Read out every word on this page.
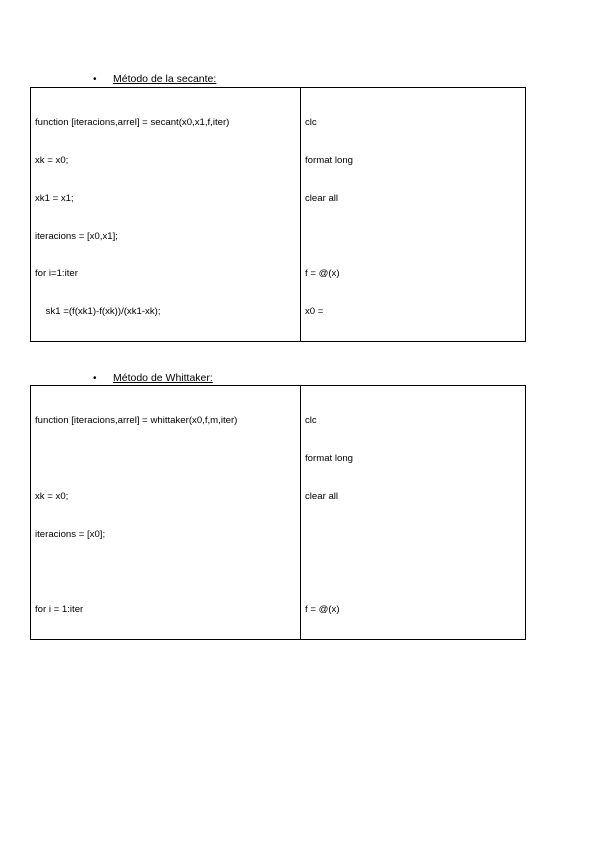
• Método de la secante:

function [iteracions,arrel] = secant(x0,x1,f,iter)

xk = x0;

xk1 = x1;

iteracions = [x0,x1];

for i=1:iter

sk1 =(f(xk1)-f(xk))/(xk1-xk);

clc

format long

clear all

f = @(x)

x0 =

• Método de Whittaker:

function [iteracions,arrel] = whittaker(x0,f,m,iter)

xk = x0;

iteracions = [x0];

for i = 1:iter

clc

format long

clear all

f = @(x)
